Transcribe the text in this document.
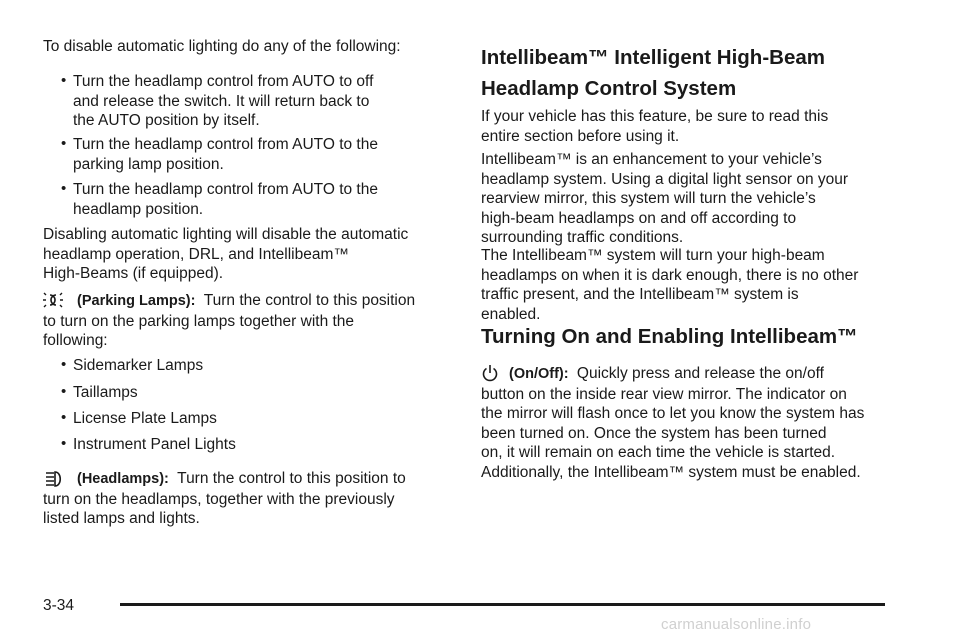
To disable automatic lighting do any of the following:

• Turn the headlamp control from AUTO to off
and release the switch. It will return back to
the AUTO position by itself.
• Turn the headlamp control from AUTO to the
parking lamp position.
• Turn the headlamp control from AUTO to the
headlamp position.

Disabling automatic lighting will disable the automatic
headlamp operation, DRL, and Intellibeam™
High-Beams (if equipped).

(Parking Lamps): Turn the control to this position
to turn on the parking lamps together with the
following:
• Sidemarker Lamps
• Taillamps
• License Plate Lamps
• Instrument Panel Lights
(Headlamps): Turn the control to this position to
turn on the headlamps, together with the previously
listed lamps and lights.
Intellibeam™ Intelligent High-Beam
Headlamp Control System

If your vehicle has this feature, be sure to read this
entire section before using it.

Intellibeam™ is an enhancement to your vehicle’s
headlamp system. Using a digital light sensor on your
rearview mirror, this system will turn the vehicle’s
high-beam headlamps on and off according to
surrounding traffic conditions.

The Intellibeam™ system will turn your high-beam
headlamps on when it is dark enough, there is no other
traffic present, and the Intellibeam™ system is
enabled.

Turning On and Enabling Intellibeam™
(On/Off): Quickly press and release the on/off
button on the inside rear view mirror. The indicator on
the mirror will flash once to let you know the system has
been turned on. Once the system has been turned
on, it will remain on each time the vehicle is started.
Additionally, the Intellibeam™ system must be enabled.
3-34
carmanualsonline.info
